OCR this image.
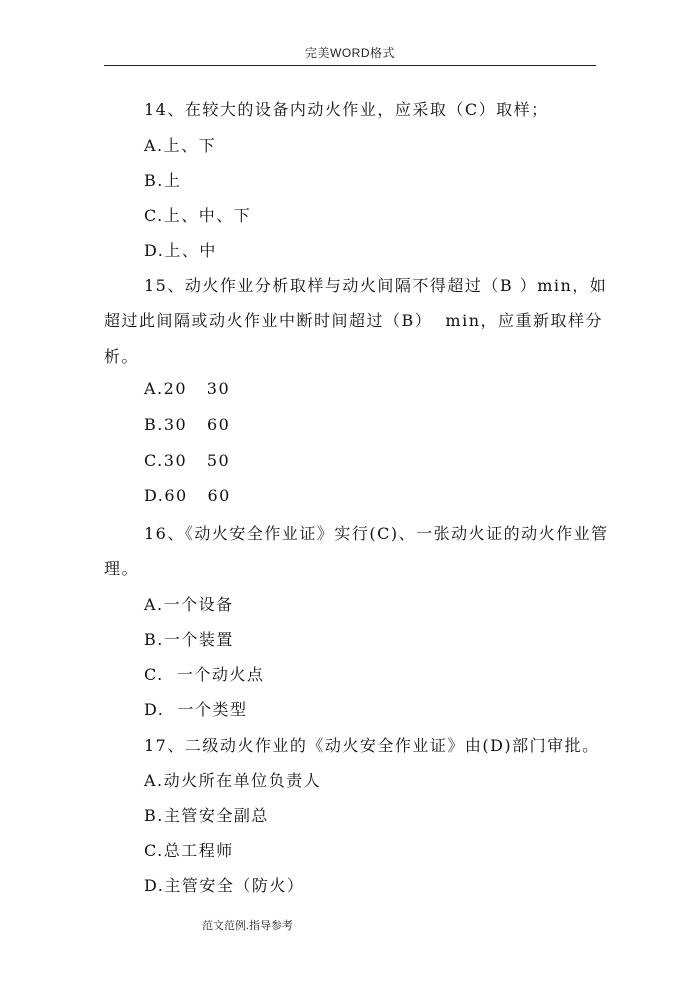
完美WORD格式
14、在较大的设备内动火作业，应采取（C）取样；
A.上、下
B.上
C.上、中、下
D.上、中
15、动火作业分析取样与动火间隔不得超过（B ）min，如
超过此间隔或动火作业中断时间超过（B）  min，应重新取样分
析。
A.20   30
B.30   60
C.30   50
D.60   60
16、《动火安全作业证》实行(C)、一张动火证的动火作业管
理。
A.一个设备
B.一个装置
C.  一个动火点
D.  一个类型
17、二级动火作业的《动火安全作业证》由(D)部门审批。
A.动火所在单位负责人
B.主管安全副总
C.总工程师
D.主管安全（防火）
范文范例.指导参考
